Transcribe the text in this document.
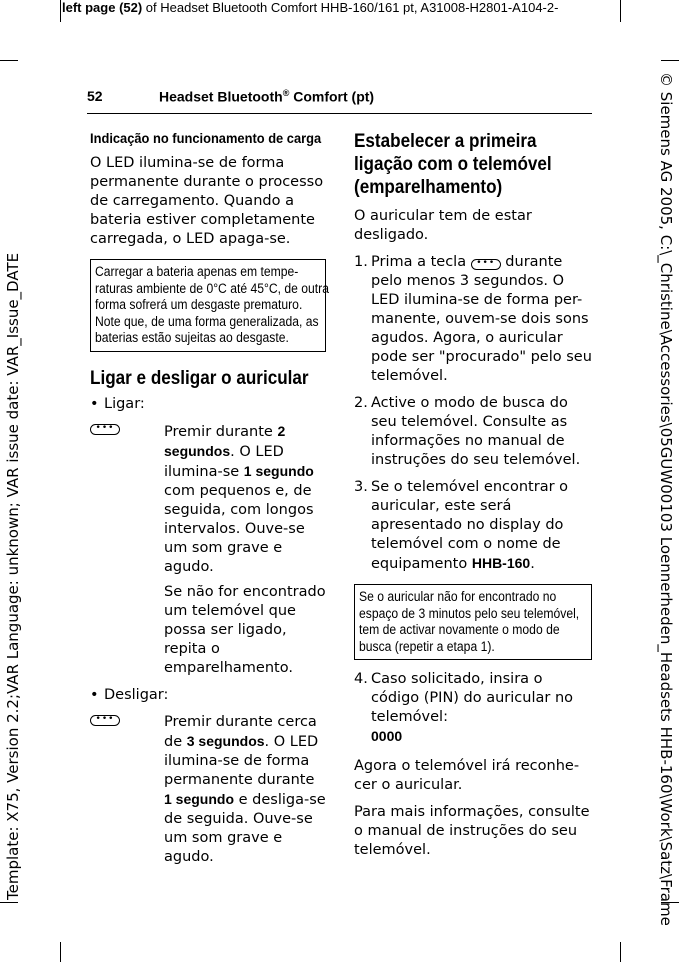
left page (52) of Headset Bluetooth Comfort HHB-160/161 pt, A31008-H2801-A104-2-
Template: X75, Version 2.2;VAR Language: unknown; VAR issue date: VAR_Issue_DATE	© Siemens AG 2005, C:\_Christine\Accessories\05GUW00103 Loennerheden_Headsets HHB-160\Work\Satz\Frame
52	Headset Bluetooth® Comfort (pt)

Indicação no funcionamento de carga

O LED ilumina-se de forma permanente durante o processo de carregamento. Quando a bateria estiver completamente carregada, o LED apaga-se.

Carregar a bateria apenas em tempe-raturas ambiente de 0°C até 45°C, de outra forma sofrerá um desgaste prematuro. Note que, de uma forma generalizada, as baterias estão sujeitas ao desgaste.

Ligar e desligar o auricular

• Ligar:
•••	Premir durante 2 segundos. O LED ilumina-se 1 segundo com pequenos e, de seguida, com longos intervalos. Ouve-se um som grave e agudo.
Se não for encontrado um telemóvel que possa ser ligado, repita o emparelhamento.
• Desligar:
•••	Premir durante cerca de 3 segundos. O LED ilumina-se de forma permanente durante 1 segundo e desliga-se de seguida. Ouve-se um som grave e agudo.

Estabelecer a primeira ligação com o telemóvel (emparelhamento)

O auricular tem de estar desligado.

1. Prima a tecla ••• durante pelo menos 3 segundos. O LED ilumina-se de forma per-manente, ouvem-se dois sons agudos. Agora, o auricular pode ser "procurado" pelo seu telemóvel.
2. Active o modo de busca do seu telemóvel. Consulte as informações no manual de instruções do seu telemóvel.
3. Se o telemóvel encontrar o auricular, este será apresentado no display do telemóvel com o nome de equipamento HHB-160.
Se o auricular não for encontrado no espaço de 3 minutos pelo seu telemóvel, tem de activar novamente o modo de busca (repetir a etapa 1).
4. Caso solicitado, insira o código (PIN) do auricular no telemóvel:
0000

Agora o telemóvel irá reconhe-cer o auricular.

Para mais informações, consulte o manual de instruções do seu telemóvel.
